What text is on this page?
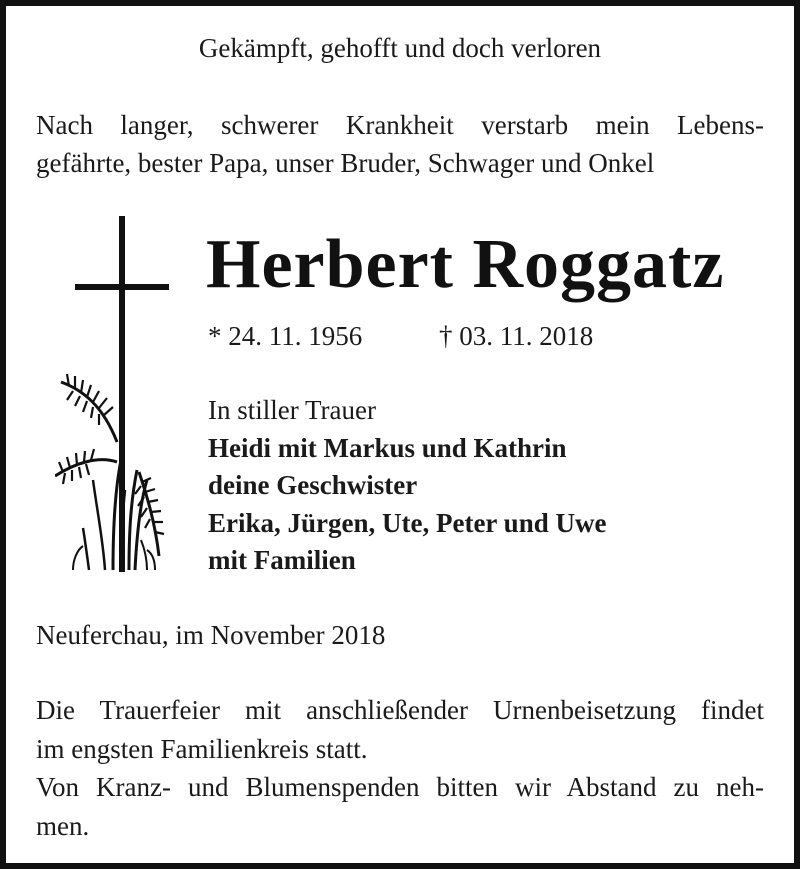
Gekämpft, gehofft und doch verloren
Nach langer, schwerer Krankheit verstarb mein Lebens-
gefährte, bester Papa, unser Bruder, Schwager und Onkel
Herbert Roggatz
* 24. 11. 1956	† 03. 11. 2018
In stiller Trauer
Heidi mit Markus und Kathrin
deine Geschwister
Erika, Jürgen, Ute, Peter und Uwe
mit Familien
Neuferchau, im November 2018
Die Trauerfeier mit anschließender Urnenbeisetzung findet
im engsten Familienkreis statt.
Von Kranz- und Blumenspenden bitten wir Abstand zu neh-
men.
